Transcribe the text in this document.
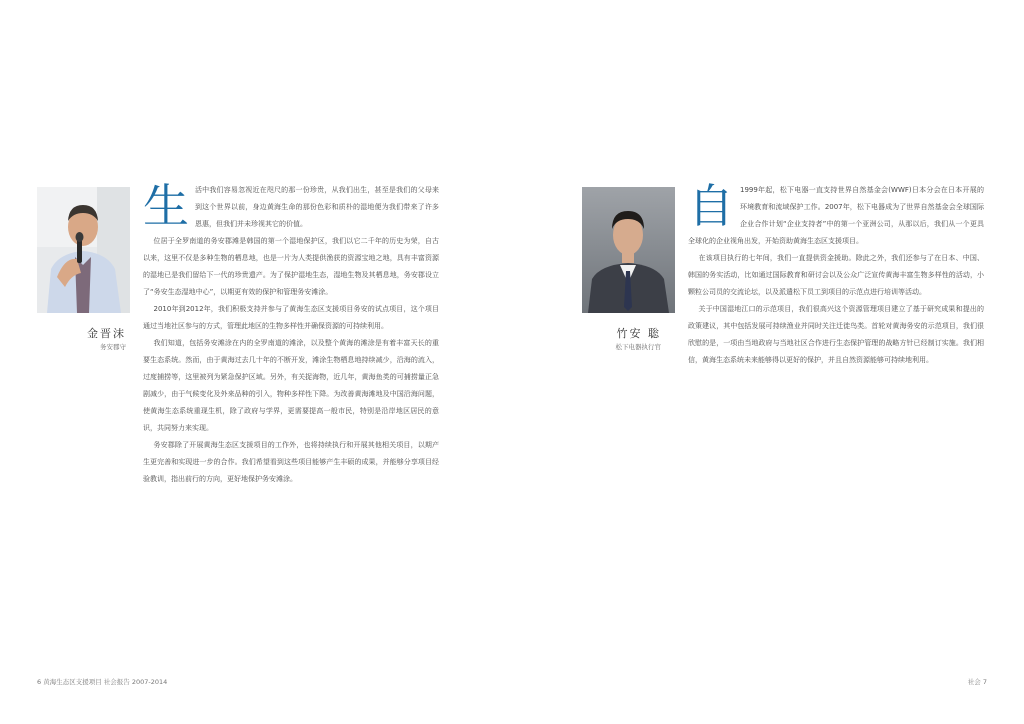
金晋沫
务安郡守
生 活中我们容易忽视近在咫尺的那一份珍贵，从我们出生，甚至是我们的父母来到这个世界以前，身边黄海生命的那份色彩和质朴的湿地便为我们带来了许多恩惠，但我们并未珍视其它的价值。

位居于全罗南道的务安郡滩是韩国的第一个湿地保护区，我们以它二千年的历史为荣，自古以来，这里不仅是多种生物的栖息地，也是一片为人类提供渔获的资源宝地之地，具有丰富资源的湿地已是我们留给下一代的珍贵遗产。为了保护湿地生态，湿地生物及其栖息地，务安郡设立了“务安生态湿地中心”，以期更有效的保护和管理务安滩涂。

2010年到2012年，我们积极支持并参与了黄海生态区支援项目务安的试点项目，这个项目通过当地社区参与的方式，管理此地区的生物多样性并确保资源的可持续利用。

我们知道，包括务安滩涂在内的全罗南道的滩涂，以及整个黄海的滩涂是有着丰富天长的重要生态系统。然而，由于黄海过去几十年的不断开发，滩涂生物栖息地持续减少，沿海的流入，过度捕捞等，这里被列为紧急保护区域。另外，有关捉海物，近几年，黄海鱼类的可捕捞量正急剧减少，由于气候变化及外来品种的引入，物种多样性下降。为改善黄海滩地及中国沿海问题，使黄海生态系统重现生机，除了政府与学界，更需要提高一般市民，特别是沿岸地区居民的意识，共同努力来实现。

务安郡除了开展黄海生态区支援项目的工作外，也将持续执行和开展其他相关项目，以期产生更完善和实现进一步的合作。我们希望看到这些项目能够产生丰硕的成果，并能够分享项目经验教训，指出前行的方向，更好地保护务安滩涂。

6 黄海生态区支援项目 社会报告 2007-2014
竹安 聡
松下电器执行官
自 1999年起，松下电器一直支持世界自然基金会(WWF)日本分会在日本开展的环境教育和流域保护工作。2007年，松下电器成为了世界自然基金会全球国际企业合作计划“企业支持者”中的第一个亚洲公司，从那以后，我们从一个更具全球化的企业视角出发，开始资助黄海生态区支援项目。

在该项目执行的七年间，我们一直提供资金援助。除此之外，我们还参与了在日本、中国、韩国的务实活动，比如通过国际教育和研讨会以及公众广泛宣传黄海丰富生物多样性的活动，小颗粒公司员的交流论坛，以及派遣松下员工到项目的示范点进行培训等活动。

关于中国湿地江口的示范项目，我们很高兴这个资源管理项目建立了基于研究成果和提出的政策建议，其中包括发展可持续渔业并同时关注迁徙鸟类。首轮对黄海务安的示范项目，我们很欣慰的是，一项由当地政府与当地社区合作进行生态保护管理的战略方针已经制订实施。我们相信，黄海生态系统未来能够得以更好的保护，并且自然资源能够可持续地利用。

社会 7
